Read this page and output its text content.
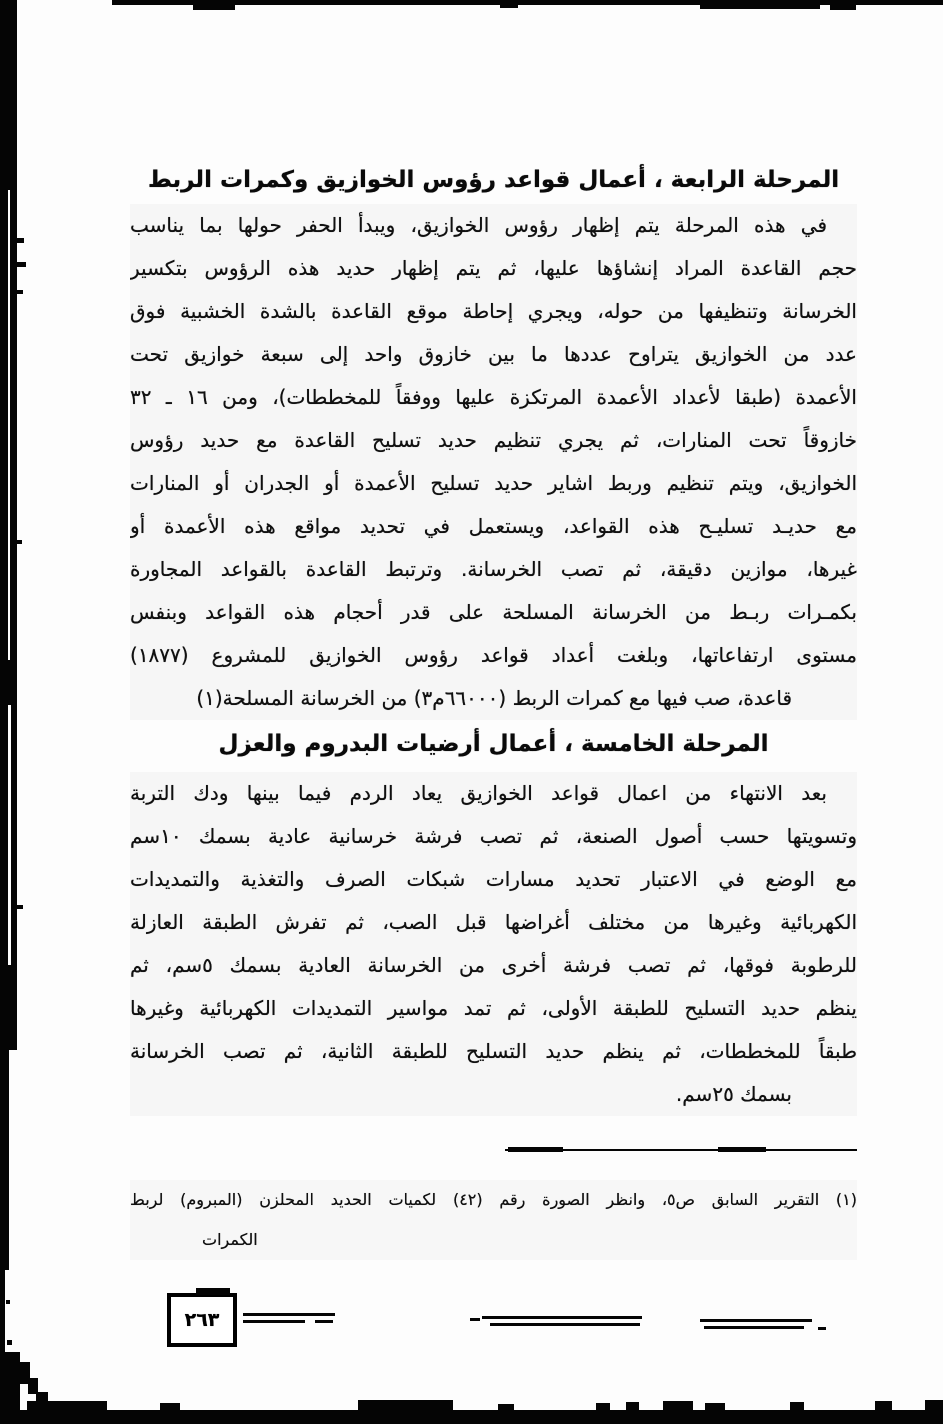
المرحلة الرابعة ، أعمال قواعد رؤوس الخوازيق وكمرات الربط
في هذه المرحلة يتم إظهار رؤوس الخوازيق، ويبدأ الحفر حولها بما يناسب
حجم القاعدة المراد إنشاؤها عليها، ثم يتم إظهار حديد هذه الرؤوس بتكسير
الخرسانة وتنظيفها من حوله، ويجري إحاطة موقع القاعدة بالشدة الخشبية فوق
عدد من الخوازيق يتراوح عددها ما بين خازوق واحد إلى سبعة خوازيق تحت
الأعمدة (طبقا لأعداد الأعمدة المرتكزة عليها ووفقاً للمخططات)، ومن ١٦ ـ ٣٢
خازوقاً تحت المنارات، ثم يجري تنظيم حديد تسليح القاعدة مع حديد رؤوس
الخوازيق، ويتم تنظيم وربط اشاير حديد تسليح الأعمدة أو الجدران أو المنارات
مع حديـد تسليـح هذه القواعد، ويستعمل في تحديد مواقع هذه الأعمدة أو
غيرها، موازين دقيقة، ثم تصب الخرسانة. وترتبط القاعدة بالقواعد المجاورة
بكمـرات ربـط من الخرسانة المسلحة على قدر أحجام هذه القواعد وبنفس
مستوى ارتفاعاتها، وبلغت أعداد قواعد رؤوس الخوازيق للمشروع (١٨٧٧)
قاعدة، صب فيها مع كمرات الربط (٦٦٠٠٠م٣) من الخرسانة المسلحة(١)
المرحلة الخامسة ، أعمال أرضيات البدروم والعزل
بعد الانتهاء من اعمال قواعد الخوازيق يعاد الردم فيما بينها ودك التربة
وتسويتها حسب أصول الصنعة، ثم تصب فرشة خرسانية عادية بسمك ١٠سم
مع الوضع في الاعتبار تحديد مسارات شبكات الصرف والتغذية والتمديدات
الكهربائية وغيرها من مختلف أغراضها قبل الصب، ثم تفرش الطبقة العازلة
للرطوبة فوقها، ثم تصب فرشة أخرى من الخرسانة العادية بسمك ٥سم، ثم
ينظم حديد التسليح للطبقة الأولى، ثم تمد مواسير التمديدات الكهربائية وغيرها
طبقاً للمخططات، ثم ينظم حديد التسليح للطبقة الثانية، ثم تصب الخرسانة
بسمك ٢٥سم.
(١) التقرير السابق ص٥، وانظر الصورة رقم (٤٢) لكميات الحديد المحلزن (المبروم) لربط
الكمرات
٢٦٣
